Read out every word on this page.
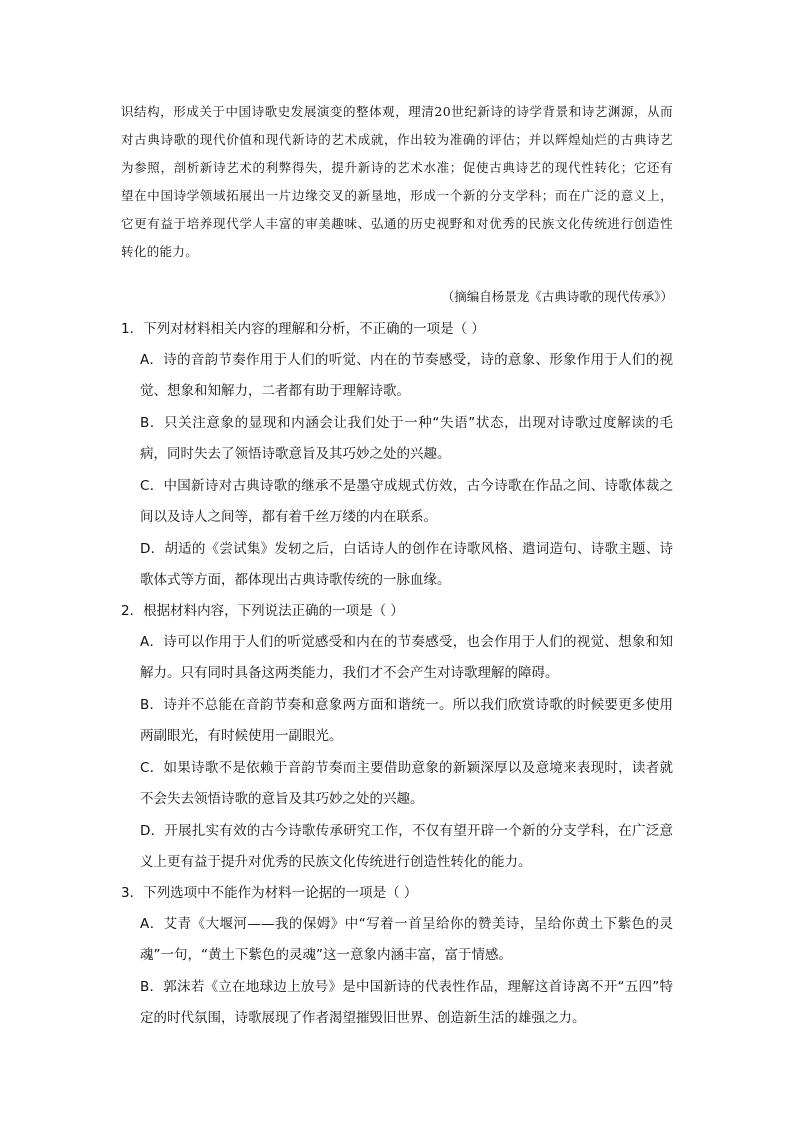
识结构，形成关于中国诗歌史发展演变的整体观，理清20世纪新诗的诗学背景和诗艺渊源，从而对古典诗歌的现代价值和现代新诗的艺术成就，作出较为准确的评估；并以辉煌灿烂的古典诗艺为参照，剖析新诗艺术的利弊得失，提升新诗的艺术水准；促使古典诗艺的现代性转化；它还有望在中国诗学领域拓展出一片边缘交叉的新垦地，形成一个新的分支学科；而在广泛的意义上，它更有益于培养现代学人丰富的审美趣味、弘通的历史视野和对优秀的民族文化传统进行创造性转化的能力。

（摘编自杨景龙《古典诗歌的现代传承》）
1．下列对材料相关内容的理解和分析，不正确的一项是（ ）

A．诗的音韵节奏作用于人们的听觉、内在的节奏感受，诗的意象、形象作用于人们的视觉、想象和知解力，二者都有助于理解诗歌。

B．只关注意象的显现和内涵会让我们处于一种“失语”状态，出现对诗歌过度解读的毛病，同时失去了领悟诗歌意旨及其巧妙之处的兴趣。

C．中国新诗对古典诗歌的继承不是墨守成规式仿效，古今诗歌在作品之间、诗歌体裁之间以及诗人之间等，都有着千丝万缕的内在联系。

D．胡适的《尝试集》发轫之后，白话诗人的创作在诗歌风格、遣词造句、诗歌主题、诗歌体式等方面，都体现出古典诗歌传统的一脉血缘。

2．根据材料内容，下列说法正确的一项是（ ）

A．诗可以作用于人们的听觉感受和内在的节奏感受，也会作用于人们的视觉、想象和知解力。只有同时具备这两类能力，我们才不会产生对诗歌理解的障碍。

B．诗并不总能在音韵节奏和意象两方面和谐统一。所以我们欣赏诗歌的时候要更多使用两副眼光，有时候使用一副眼光。

C．如果诗歌不是依赖于音韵节奏而主要借助意象的新颖深厚以及意境来表现时，读者就不会失去领悟诗歌的意旨及其巧妙之处的兴趣。

D．开展扎实有效的古今诗歌传承研究工作，不仅有望开辟一个新的分支学科，在广泛意义上更有益于提升对优秀的民族文化传统进行创造性转化的能力。

3．下列选项中不能作为材料一论据的一项是（ ）

A．艾青《大堰河——我的保姆》中“写着一首呈给你的赞美诗，呈给你黄土下紫色的灵魂”一句，“黄土下紫色的灵魂”这一意象内涵丰富，富于情感。

B．郭沫若《立在地球边上放号》是中国新诗的代表性作品，理解这首诗离不开“五四”特定的时代氛围，诗歌展现了作者渴望摧毁旧世界、创造新生活的雄强之力。
